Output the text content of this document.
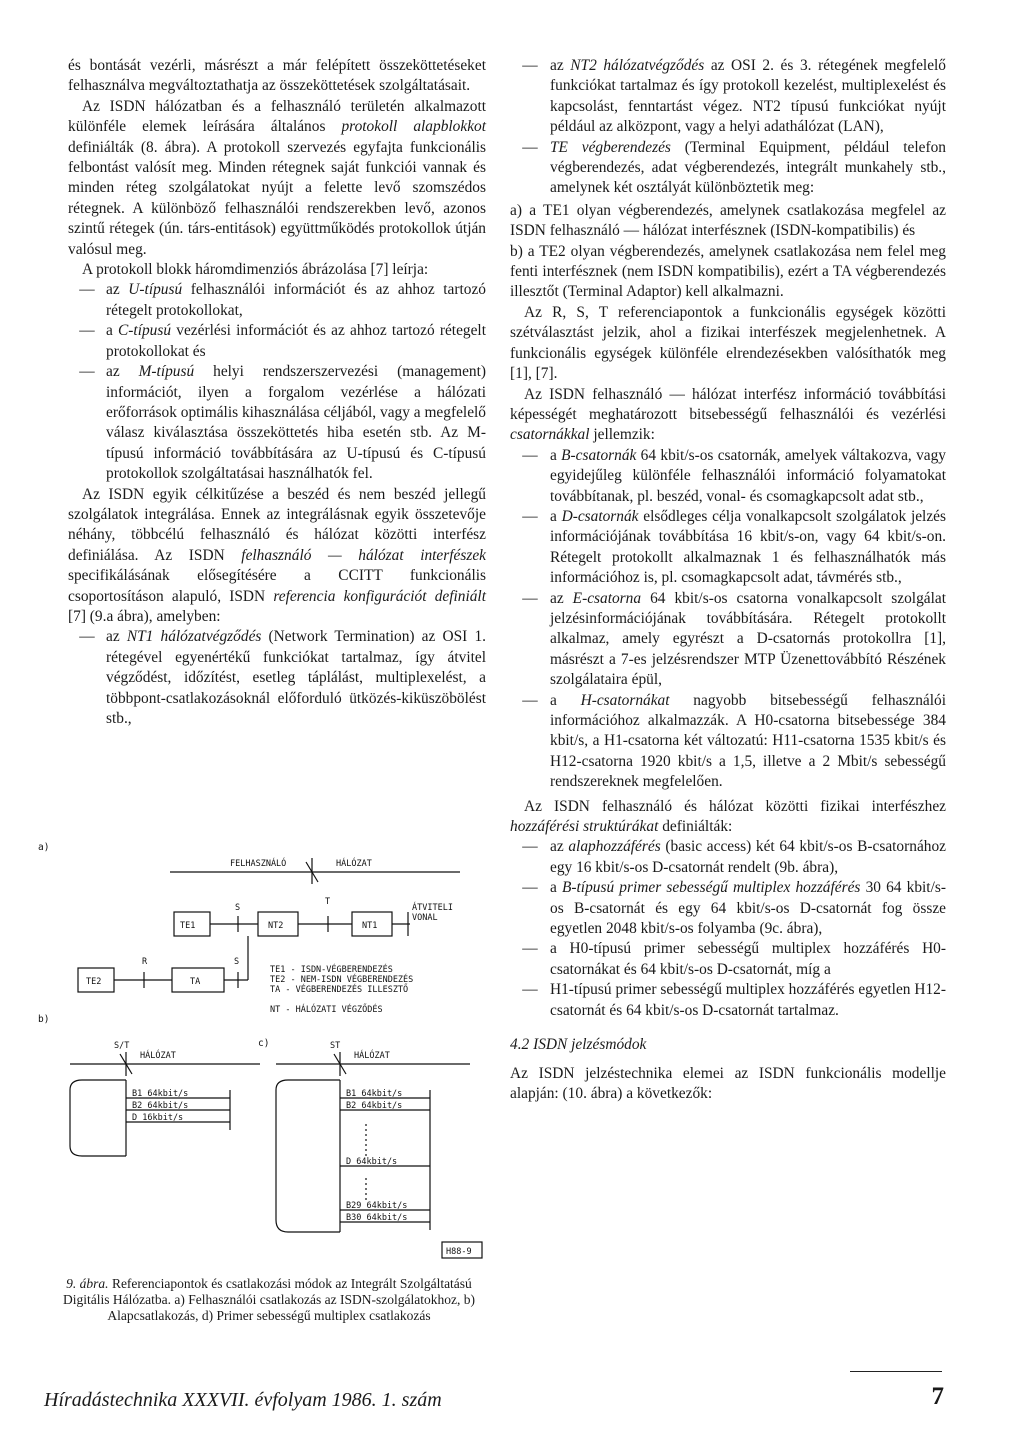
és bontását vezérli, másrészt a már felépített összeköttetéseket felhasználva megváltoztathatja az összeköttetések szolgáltatásait.

Az ISDN hálózatban és a felhasználó területén alkalmazott különféle elemek leírására általános protokoll alapblokkot definiálták (8. ábra). A protokoll szervezés egyfajta funkcionális felbontást valósít meg. Minden rétegnek saját funkciói vannak és minden réteg szolgálatokat nyújt a felette levő szomszédos rétegnek. A különböző felhasználói rendszerekben levő, azonos szintű rétegek (ún. társ-entitások) együttműködés protokollok útján valósul meg.

A protokoll blokk háromdimenziós ábrázolása [7] leírja:

— az U-típusú felhasználói információt és az ahhoz tartozó rétegelt protokollokat,
— a C-típusú vezérlési információt és az ahhoz tartozó rétegelt protokollokat és
— az M-típusú helyi rendszerszervezési (management) információt, ilyen a forgalom vezérlése a hálózati erőforrások optimális kihasználása céljából, vagy a megfelelő válasz kiválasztása összeköttetés hiba esetén stb. Az M-típusú információ továbbítására az U-típusú és C-típusú protokollok szolgáltatásai használhatók fel.

Az ISDN egyik célkitűzése a beszéd és nem beszéd jellegű szolgálatok integrálása. Ennek az integrálásnak egyik összetevője néhány, többcélú felhasználó és hálózat közötti interfész definiálása. Az ISDN felhasználó — hálózat interfészek specifikálásának elősegítésére a CCITT funkcionális csoportosításon alapuló, ISDN referencia konfigurációt definiált [7] (9.a ábra), amelyben:

— az NT1 hálózatvégződés (Network Termination) az OSI 1. rétegével egyenértékű funkciókat tartalmaz, így átvitel végződést, időzítést, esetleg táplálást, multiplexelést, a többpont-csatlakozásoknál előforduló ütközés-kiküszöbölést stb.,
— az NT2 hálózatvégződés az OSI 2. és 3. rétegének megfelelő funkciókat tartalmaz és így protokoll kezelést, multiplexelést és kapcsolást, fenntartást végez. NT2 típusú funkciókat nyújt például az alközpont, vagy a helyi adathálózat (LAN),
— TE végberendezés (Terminal Equipment, például telefon végberendezés, adat végberendezés, integrált munkahely stb., amelynek két osztályát különböztetik meg:

a) a TE1 olyan végberendezés, amelynek csatlakozása megfelel az ISDN felhasználó — hálózat interfésznek (ISDN-kompatibilis) és

b) a TE2 olyan végberendezés, amelynek csatlakozása nem felel meg fenti interfésznek (nem ISDN kompatibilis), ezért a TA végberendezés illesztőt (Terminal Adaptor) kell alkalmazni.

Az R, S, T referenciapontok a funkcionális egységek közötti szétválasztást jelzik, ahol a fizikai interfészek megjelenhetnek. A funkcionális egységek különféle elrendezésekben valósíthatók meg [1], [7].

Az ISDN felhasználó — hálózat interfész információ továbbítási képességét meghatározott bitsebességű felhasználói és vezérlési csatornákkal jellemzik:

— a B-csatornák 64 kbit/s-os csatornák, amelyek váltakozva, vagy egyidejűleg különféle felhasználói információ folyamatokat továbbítanak, pl. beszéd, vonal- és csomagkapcsolt adat stb.,
— a D-csatornák elsődleges célja vonalkapcsolt szolgálatok jelzés információjának továbbítása 16 kbit/s-on, vagy 64 kbit/s-on. Rétegelt protokollt alkalmaznak 1 és felhasználhatók más információhoz is, pl. csomagkapcsolt adat, távmérés stb.,
— az E-csatorna 64 kbit/s-os csatorna vonalkapcsolt szolgálat jelzésinformációjának továbbítására. Rétegelt protokollt alkalmaz, amely egyrészt a D-csatornás protokollra [1], másrészt a 7-es jelzésrendszer MTP Üzenettovábbító Részének szolgálataira épül,
— a H-csatornákat nagyobb bitsebességű felhasználói információhoz alkalmazzák. A H0-csatorna bitsebessége 384 kbit/s, a H1-csatorna két változatú: H11-csatorna 1535 kbit/s és H12-csatorna 1920 kbit/s a 1,5, illetve a 2 Mbit/s sebességű rendszereknek megfelelően.

Az ISDN felhasználó és hálózat közötti fizikai interfészhez hozzáférési struktúrákat definiálták:

— az alaphozzáférés (basic access) két 64 kbit/s-os B-csatornához egy 16 kbit/s-os D-csatornát rendelt (9b. ábra),
— a B-típusú primer sebességű multiplex hozzáférés 30 64 kbit/s-os B-csatornát és egy 64 kbit/s-os D-csatornát fog össze egyetlen 2048 kbit/s-os folyamba (9c. ábra),
— a H0-típusú primer sebességű multiplex hozzáférés H0-csatornákat és 64 kbit/s-os D-csatornát, míg a
— H1-típusú primer sebességű multiplex hozzáférés egyetlen H12-csatornát és 64 kbit/s-os D-csatornát tartalmaz.

4.2 ISDN jelzésmódok

Az ISDN jelzéstechnika elemei az ISDN funkcionális modellje alapján: (10. ábra) a következők:

a)
FELHASZNÁLÓ	HÁLÓZAT
S
T
TE1	NT2	NT1
ÁTVITELI
VONAL
R	S
TE2	TA
TE1 - ISDN-VÉGBERENDEZÉS
TE2 - NEM-ISDN VÉGBERENDEZÉS
TA - VÉGBERENDEZÉS ILLESZTŐ
NT - HÁLÓZATI VÉGZŐDÉS
b)
c)
S/T
HÁLÓZAT
ST
HÁLÓZAT
B1 64kbit/s
B2 64kbit/s
D 16kbit/s
B1 64kbit/s
B2 64kbit/s
D 64kbit/s
B29 64kbit/s
B30 64kbit/s
H88-9
9. ábra. Referenciapontok és csatlakozási módok az Integrált Szolgáltatású Digitális Hálózatba. a) Felhasználói csatlakozás az ISDN-szolgálatokhoz, b) Alapcsatlakozás, d) Primer sebességű multiplex csatlakozás
Híradástechnika XXXVII. évfolyam 1986. 1. szám	7
